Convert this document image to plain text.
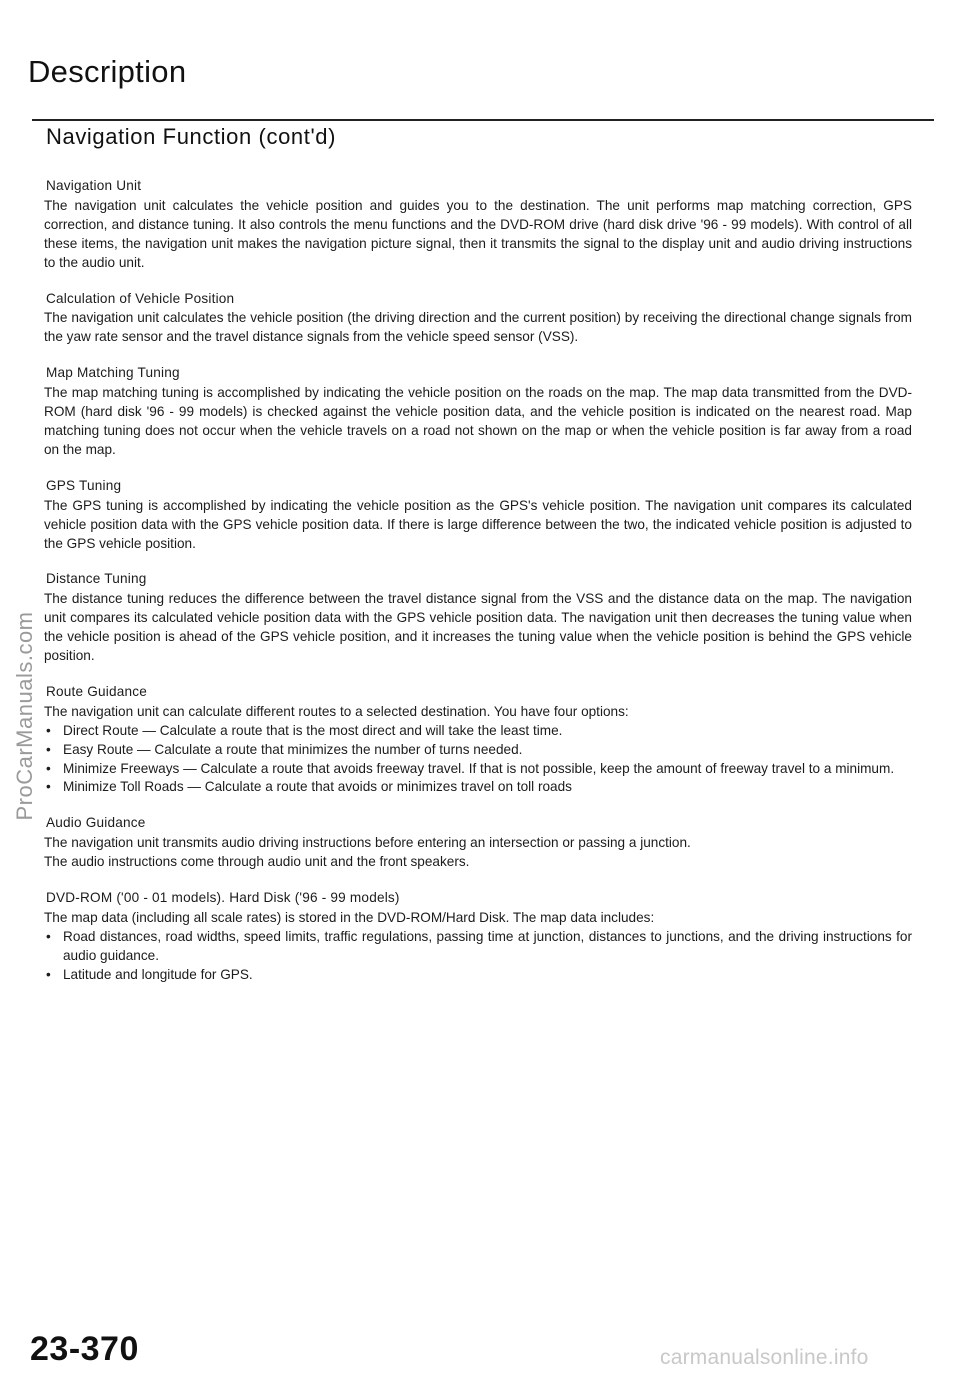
Description
Navigation Function (cont'd)
Navigation Unit
The navigation unit calculates the vehicle position and guides you to the destination. The unit performs map matching correction, GPS correction, and distance tuning. It also controls the menu functions and the DVD-ROM drive (hard disk drive '96 - 99 models). With control of all these items, the navigation unit makes the navigation picture signal, then it transmits the signal to the display unit and audio driving instructions to the audio unit.
Calculation of Vehicle Position
The navigation unit calculates the vehicle position (the driving direction and the current position) by receiving the directional change signals from the yaw rate sensor and the travel distance signals from the vehicle speed sensor (VSS).
Map Matching Tuning
The map matching tuning is accomplished by indicating the vehicle position on the roads on the map. The map data transmitted from the DVD-ROM (hard disk '96 - 99 models) is checked against the vehicle position data, and the vehicle position is indicated on the nearest road. Map matching tuning does not occur when the vehicle travels on a road not shown on the map or when the vehicle position is far away from a road on the map.
GPS Tuning
The GPS tuning is accomplished by indicating the vehicle position as the GPS's vehicle position. The navigation unit compares its calculated vehicle position data with the GPS vehicle position data. If there is large difference between the two, the indicated vehicle position is adjusted to the GPS vehicle position.
Distance Tuning
The distance tuning reduces the difference between the travel distance signal from the VSS and the distance data on the map. The navigation unit compares its calculated vehicle position data with the GPS vehicle position data. The navigation unit then decreases the tuning value when the vehicle position is ahead of the GPS vehicle position, and it increases the tuning value when the vehicle position is behind the GPS vehicle position.
Route Guidance
The navigation unit can calculate different routes to a selected destination. You have four options:
• Direct Route — Calculate a route that is the most direct and will take the least time.
• Easy Route — Calculate a route that minimizes the number of turns needed.
• Minimize Freeways — Calculate a route that avoids freeway travel. If that is not possible, keep the amount of freeway travel to a minimum.
• Minimize Toll Roads — Calculate a route that avoids or minimizes travel on toll roads
Audio Guidance
The navigation unit transmits audio driving instructions before entering an intersection or passing a junction.
The audio instructions come through audio unit and the front speakers.
DVD-ROM ('00 - 01 models). Hard Disk ('96 - 99 models)
The map data (including all scale rates) is stored in the DVD-ROM/Hard Disk. The map data includes:
• Road distances, road widths, speed limits, traffic regulations, passing time at junction, distances to junctions, and the driving instructions for audio guidance.
• Latitude and longitude for GPS.
ProCarManuals.com
23-370	carmanualsonline.info
